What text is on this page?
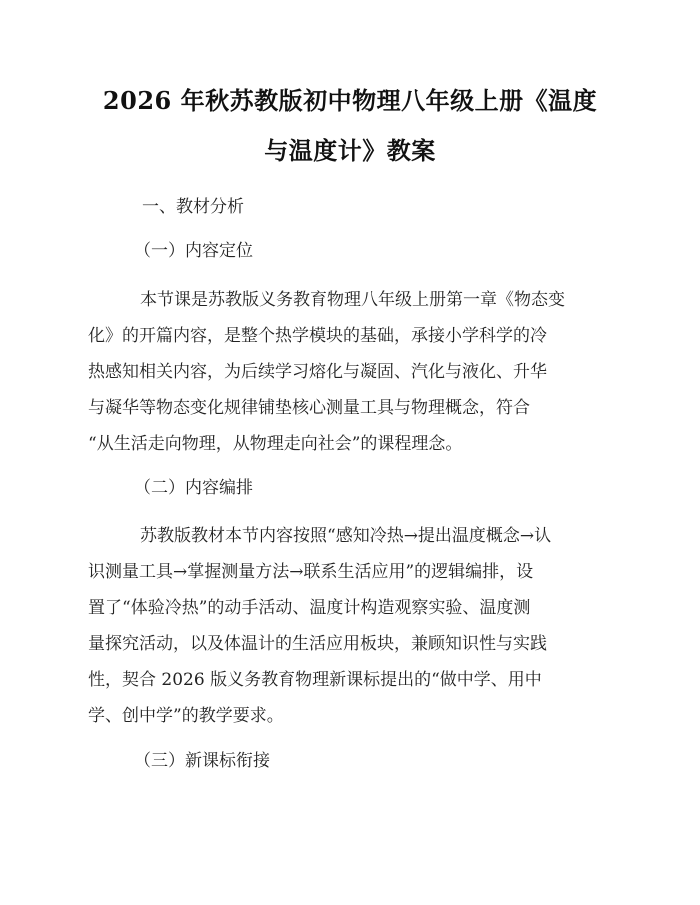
2026 年秋苏教版初中物理八年级上册《温度
与温度计》教案
一、教材分析
（一）内容定位
本节课是苏教版义务教育物理八年级上册第一章《物态变
化》的开篇内容，是整个热学模块的基础，承接小学科学的冷
热感知相关内容，为后续学习熔化与凝固、汽化与液化、升华
与凝华等物态变化规律铺垫核心测量工具与物理概念，符合
“从生活走向物理，从物理走向社会”的课程理念。
（二）内容编排
苏教版教材本节内容按照“感知冷热→提出温度概念→认
识测量工具→掌握测量方法→联系生活应用”的逻辑编排，设
置了“体验冷热”的动手活动、温度计构造观察实验、温度测
量探究活动，以及体温计的生活应用板块，兼顾知识性与实践
性，契合 2026 版义务教育物理新课标提出的“做中学、用中
学、创中学”的教学要求。
（三）新课标衔接
